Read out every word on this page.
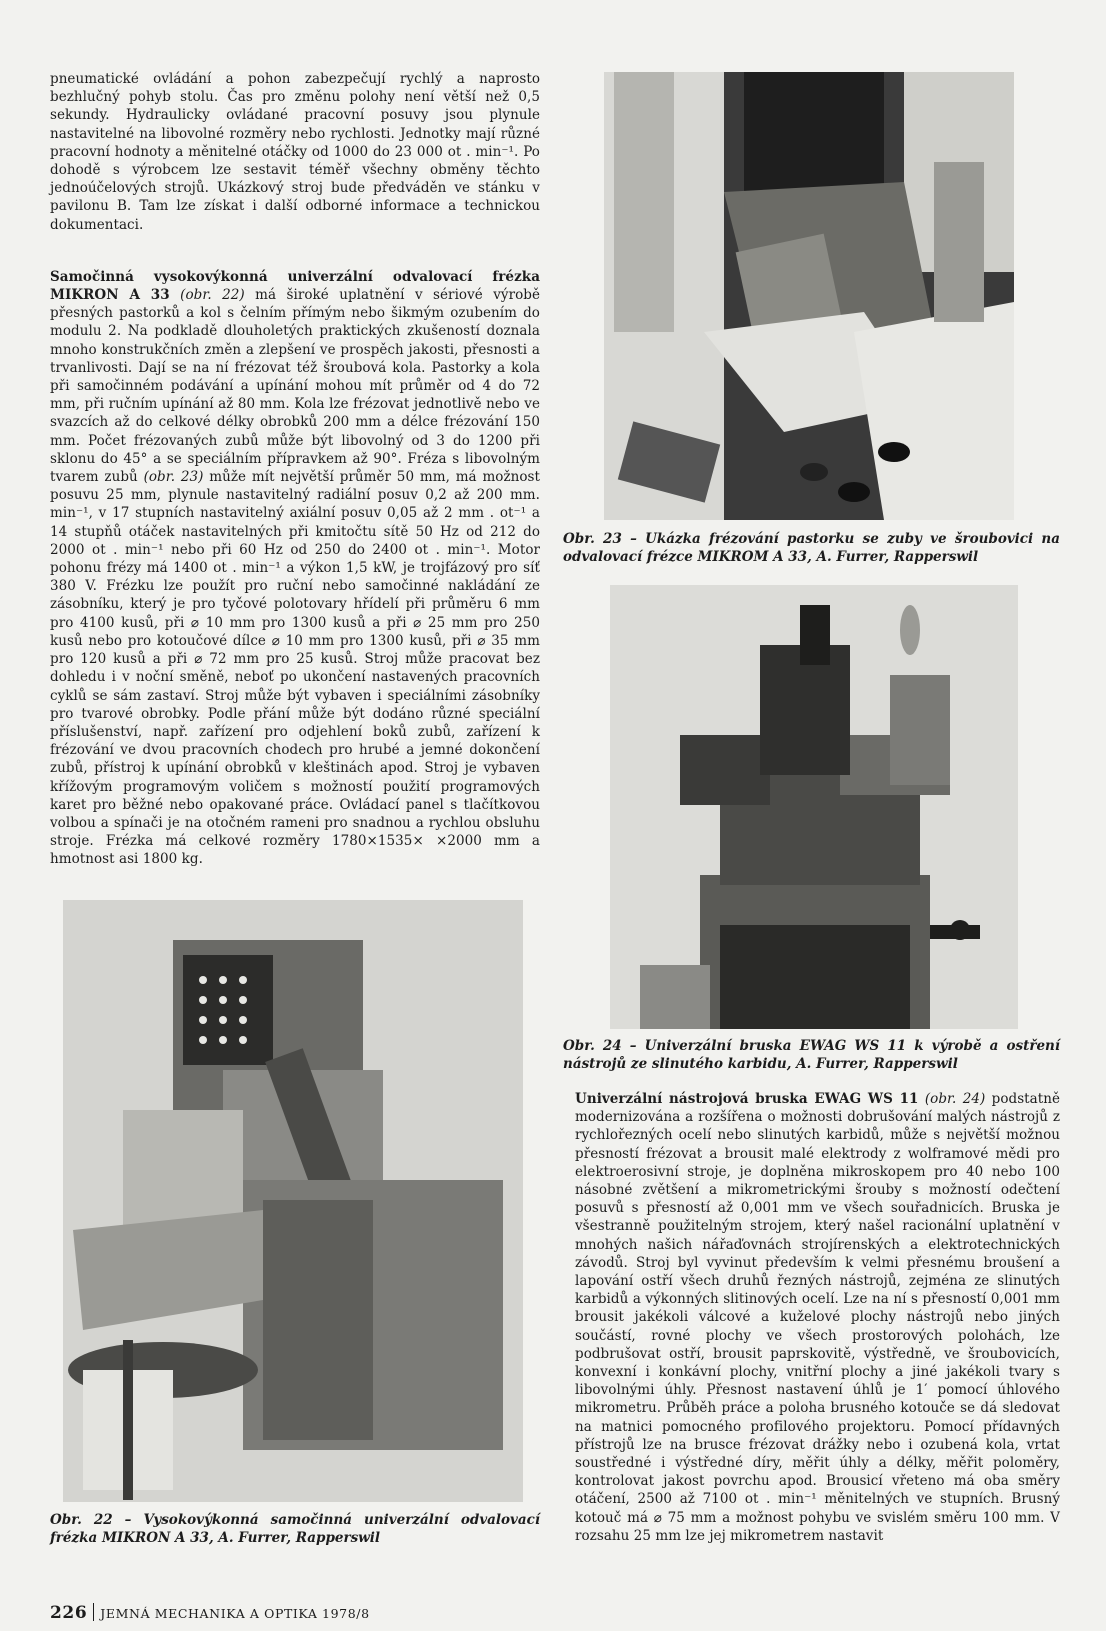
pneumatické ovládání a pohon zabezpečují rychlý a naprosto bezhlučný pohyb stolu. Čas pro změnu polohy není větší než 0,5 sekundy. Hydraulicky ovládané pracovní posuvy jsou plynule nastavitelné na libovolné rozměry nebo rychlosti. Jednotky mají různé pracovní hodnoty a měnitelné otáčky od 1000 do 23 000 ot . min⁻¹. Po dohodě s výrobcem lze sestavit téměř všechny obměny těchto jednoúčelových strojů. Ukázkový stroj bude předváděn ve stánku v pavilonu B. Tam lze získat i další odborné informace a technickou dokumentaci.

Samočinná vysokovýkonná univerzální odvalovací frézka MIKRON A 33 (obr. 22) má široké uplatnění v sériové výrobě přesných pastorků a kol s čelním přímým nebo šikmým ozubením do modulu 2. Na podkladě dlouholetých praktických zkušeností doznala mnoho konstrukčních změn a zlepšení ve prospěch jakosti, přesnosti a trvanlivosti. Dají se na ní frézovat též šroubová kola. Pastorky a kola při samočinném podávání a upínání mohou mít průměr od 4 do 72 mm, při ručním upínání až 80 mm. Kola lze frézovat jednotlivě nebo ve svazcích až do celkové délky obrobků 200 mm a délce frézování 150 mm. Počet frézovaných zubů může být libovolný od 3 do 1200 při sklonu do 45° a se speciálním přípravkem až 90°. Fréza s libovolným tvarem zubů (obr. 23) může mít největší průměr 50 mm, má možnost posuvu 25 mm, plynule nastavitelný radiální posuv 0,2 až 200 mm. min⁻¹, v 17 stupních nastavitelný axiální posuv 0,05 až 2 mm . ot⁻¹ a 14 stupňů otáček nastavitelných při kmitočtu sítě 50 Hz od 212 do 2000 ot . min⁻¹ nebo při 60 Hz od 250 do 2400 ot . min⁻¹. Motor pohonu frézy má 1400 ot . min⁻¹ a výkon 1,5 kW, je trojfázový pro síť 380 V. Frézku lze použít pro ruční nebo samočinné nakládání ze zásobníku, který je pro tyčové polotovary hřídelí při průměru 6 mm pro 4100 kusů, při ⌀ 10 mm pro 1300 kusů a při ⌀ 25 mm pro 250 kusů nebo pro kotoučové dílce ⌀ 10 mm pro 1300 kusů, při ⌀ 35 mm pro 120 kusů a při ⌀ 72 mm pro 25 kusů. Stroj může pracovat bez dohledu i v noční směně, neboť po ukončení nastavených pracovních cyklů se sám zastaví. Stroj může být vybaven i speciálními zásobníky pro tvarové obrobky. Podle přání může být dodáno různé speciální příslušenství, např. zařízení pro odjehlení boků zubů, zařízení k frézování ve dvou pracovních chodech pro hrubé a jemné dokončení zubů, přístroj k upínání obrobků v kleštinách apod. Stroj je vybaven křížovým programovým voličem s možností použití programových karet pro běžné nebo opakované práce. Ovládací panel s tlačítkovou volbou a spínači je na otočném rameni pro snadnou a rychlou obsluhu stroje. Frézka má celkové rozměry 1780×1535× ×2000 mm a hmotnost asi 1800 kg.

Obr. 23 – Ukázka frézování pastorku se zuby ve šroubovici na odvalovací frézce MIKROM A 33, A. Furrer, Rapperswil
Obr. 24 – Univerzální bruska EWAG WS 11 k výrobě a ostření nástrojů ze slinutého karbidu, A. Furrer, Rapperswil

Univerzální nástrojová bruska EWAG WS 11 (obr. 24) podstatně modernizována a rozšířena o možnosti dobrušování malých nástrojů z rychlořezných ocelí nebo slinutých karbidů, může s největší možnou přesností frézovat a brousit malé elektrody z wolframové mědi pro elektroerosivní stroje, je doplněna mikroskopem pro 40 nebo 100 násobné zvětšení a mikrometrickými šrouby s možností odečtení posuvů s přesností až 0,001 mm ve všech souřadnicích. Bruska je všestranně použitelným strojem, který našel racionální uplatnění v mnohých našich nářaďovnách strojírenských a elektrotechnických závodů. Stroj byl vyvinut především k velmi přesnému broušení a lapování ostří všech druhů řezných nástrojů, zejména ze slinutých karbidů a výkonných slitinových ocelí. Lze na ní s přesností 0,001 mm brousit jakékoli válcové a kuželové plochy nástrojů nebo jiných součástí, rovné plochy ve všech prostorových polohách, lze podbrušovat ostří, brousit paprskovitě, výstředně, ve šroubovicích, konvexní i konkávní plochy, vnitřní plochy a jiné jakékoli tvary s libovolnými úhly. Přesnost nastavení úhlů je 1′ pomocí úhlového mikrometru. Průběh práce a poloha brusného kotouče se dá sledovat na matnici pomocného profilového projektoru. Pomocí přídavných přístrojů lze na brusce frézovat drážky nebo i ozubená kola, vrtat soustředné i výstředné díry, měřit úhly a délky, měřit poloměry, kontrolovat jakost povrchu apod. Brousicí vřeteno má oba směry otáčení, 2500 až 7100 ot . min⁻¹ měnitelných ve stupních. Brusný kotouč má ⌀ 75 mm a možnost pohybu ve svislém směru 100 mm. V rozsahu 25 mm lze jej mikrometrem nastavit

Obr. 22 – Vysokovýkonná samočinná univerzální odvalovací frézka MIKRON A 33, A. Furrer, Rapperswil
226 JEMNÁ MECHANIKA A OPTIKA 1978/8
